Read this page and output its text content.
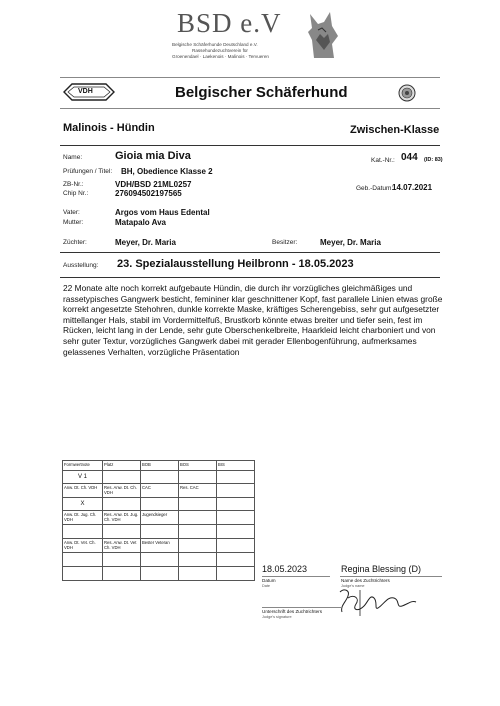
BSD e.V
Belgische Schäferhunde Deutschland e.V.
Rassehundezuchtverein für
Groenendael · Laekenois · Malinois · Tervueren
VDH	Belgischer Schäferhund
Malinois - Hündin	Zwischen-Klasse
Name:	Gioia mia Diva	Kat.-Nr.: 044 (ID: 83)
Prüfungen / Titel: BH, Obedience Klasse 2
ZB-Nr.:	VDH/BSD 21ML0257
Chip Nr.:	276094502197565
Geb.-Datum:
14.07.2021
Vater:	Argos vom Haus Edental
Mutter:	Matapalo Ava
Züchter:	Meyer, Dr. Maria	Besitzer:	Meyer, Dr. Maria
Ausstellung: 23. Spezialausstellung Heilbronn - 18.05.2023
22 Monate alte noch korrekt aufgebaute Hündin, die durch ihr vorzügliches gleichmäßiges und rassetypisches Gangwerk besticht, femininer klar geschnittener Kopf, fast parallele Linien etwas große korrekt angesetzte Stehohren, dunkle korrekte Maske, kräftiges Scherengebiss, sehr gut aufgesetzter mittellanger Hals, stabil im Vordermittelfuß, Brustkorb könnte etwas breiter und tiefer sein, fest im Rücken, leicht lang in der Lende, sehr gute Oberschenkelbreite, Haarkleid leicht charboniert und von sehr guter Textur, vorzügliches Gangwerk dabei mit gerader Ellenbogenführung, aufmerksames gelassenes Verhalten, vorzügliche Präsentation
Formwertnote	Platz	BOB	BOS	BIS
V 1				
Anw. Dt. Ch. VDH	Res. Anw. Dt. Ch. VDH	CAC	Res. CAC	
X				
Anw. Dt. Jug. Ch. VDH	Res. Anw. Dt. Jug. Ch. VDH	Jugendsieger		

Anw. Dt. Vet. Ch. VDH	Res. Anw. Dt. Vet Ch. VDH	Bester Veteran		

18.05.2023	Regina Blessing (D)
Datum
Date
Name des Zuchtrichters
Judge's name
Unterschrift des Zuchtrichters
Judge's signature
